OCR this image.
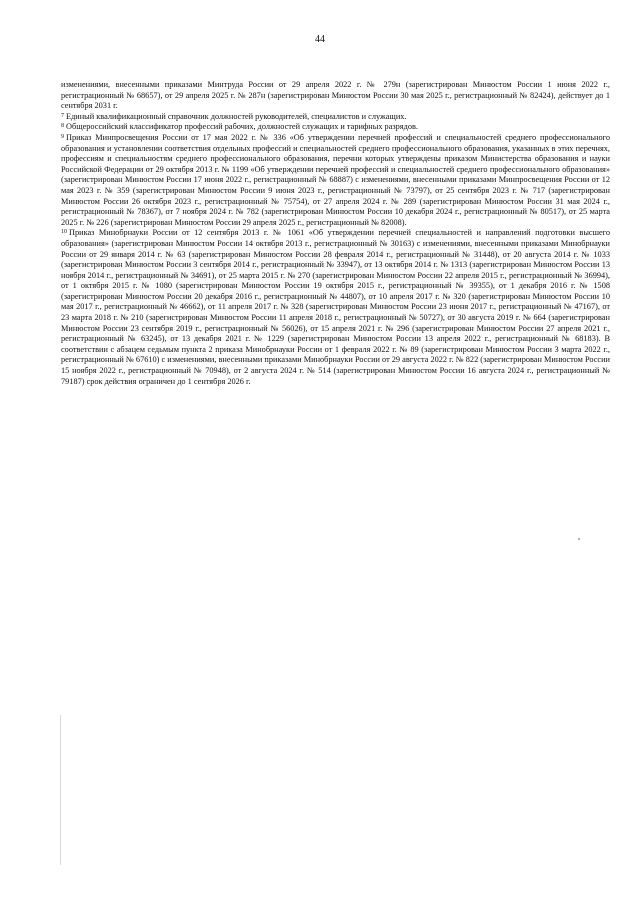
44

изменениями, внесенными приказами Минтруда России от 29 апреля 2022 г. № 279н (зарегистрирован Минюстом России 1 июня 2022 г., регистрационный № 68657), от 29 апреля 2025 г. № 287н (зарегистрирован Минюстом России 30 мая 2025 г., регистрационный № 82424), действует до 1 сентября 2031 г.

$^7$ Единый квалификационный справочник должностей руководителей, специалистов и служащих.

$^8$ Общероссийский классификатор профессий рабочих, должностей служащих и тарифных разрядов.

$^9$ Приказ Минпросвещения России от 17 мая 2022 г. № 336 «Об утверждении перечней профессий и специальностей среднего профессионального образования и установлении соответствия отдельных профессий и специальностей среднего профессионального образования, указанных в этих перечнях, профессиям и специальностям среднего профессионального образования, перечни которых утверждены приказом Министерства образования и науки Российской Федерации от 29 октября 2013 г. № 1199 «Об утверждении перечней профессий и специальностей среднего профессионального образования» (зарегистрирован Минюстом России 17 июня 2022 г., регистрационный № 68887) с изменениями, внесенными приказами Минпросвещения России от 12 мая 2023 г. № 359 (зарегистрирован Минюстом России 9 июня 2023 г., регистрационный № 73797), от 25 сентября 2023 г. № 717 (зарегистрирован Минюстом России 26 октября 2023 г., регистрационный № 75754), от 27 апреля 2024 г. № 289 (зарегистрирован Минюстом России 31 мая 2024 г., регистрационный № 78367), от 7 ноября 2024 г. № 782 (зарегистрирован Минюстом России 10 декабря 2024 г., регистрационный № 80517), от 25 марта 2025 г. № 226 (зарегистрирован Минюстом России 29 апреля 2025 г., регистрационный № 82008).

$^{10}$ Приказ Минобрнауки России от 12 сентября 2013 г. № 1061 «Об утверждении перечней специальностей и направлений подготовки высшего образования» (зарегистрирован Минюстом России 14 октября 2013 г., регистрационный № 30163) с изменениями, внесенными приказами Минобрнауки России от 29 января 2014 г. № 63 (зарегистрирован Минюстом России 28 февраля 2014 г., регистрационный № 31448), от 20 августа 2014 г. № 1033 (зарегистрирован Минюстом России 3 сентября 2014 г., регистрационный № 33947), от 13 октября 2014 г. № 1313 (зарегистрирован Минюстом России 13 ноября 2014 г., регистрационный № 34691), от 25 марта 2015 г. № 270 (зарегистрирован Минюстом России 22 апреля 2015 г., регистрационный № 36994), от 1 октября 2015 г. № 1080 (зарегистрирован Минюстом России 19 октября 2015 г., регистрационный № 39355), от 1 декабря 2016 г. № 1508 (зарегистрирован Минюстом России 20 декабря 2016 г., регистрационный № 44807), от 10 апреля 2017 г. № 320 (зарегистрирован Минюстом России 10 мая 2017 г., регистрационный № 46662), от 11 апреля 2017 г. № 328 (зарегистрирован Минюстом России 23 июня 2017 г., регистрационный № 47167), от 23 марта 2018 г. № 210 (зарегистрирован Минюстом России 11 апреля 2018 г., регистрационный № 50727), от 30 августа 2019 г. № 664 (зарегистрирован Минюстом России 23 сентября 2019 г., регистрационный № 56026), от 15 апреля 2021 г. № 296 (зарегистрирован Минюстом России 27 апреля 2021 г., регистрационный № 63245), от 13 декабря 2021 г. № 1229 (зарегистрирован Минюстом России 13 апреля 2022 г., регистрационный № 68183). В соответствии с абзацем седьмым пункта 2 приказа Минобрнауки России от 1 февраля 2022 г. № 89 (зарегистрирован Минюстом России 3 марта 2022 г., регистрационный № 67610) с изменениями, внесенными приказами Минобрнауки России от 29 августа 2022 г. № 822 (зарегистрирован Минюстом России 15 ноября 2022 г., регистрационный № 70948), от 2 августа 2024 г. № 514 (зарегистрирован Минюстом России 16 августа 2024 г., регистрационный № 79187) срок действия ограничен до 1 сентября 2026 г.
